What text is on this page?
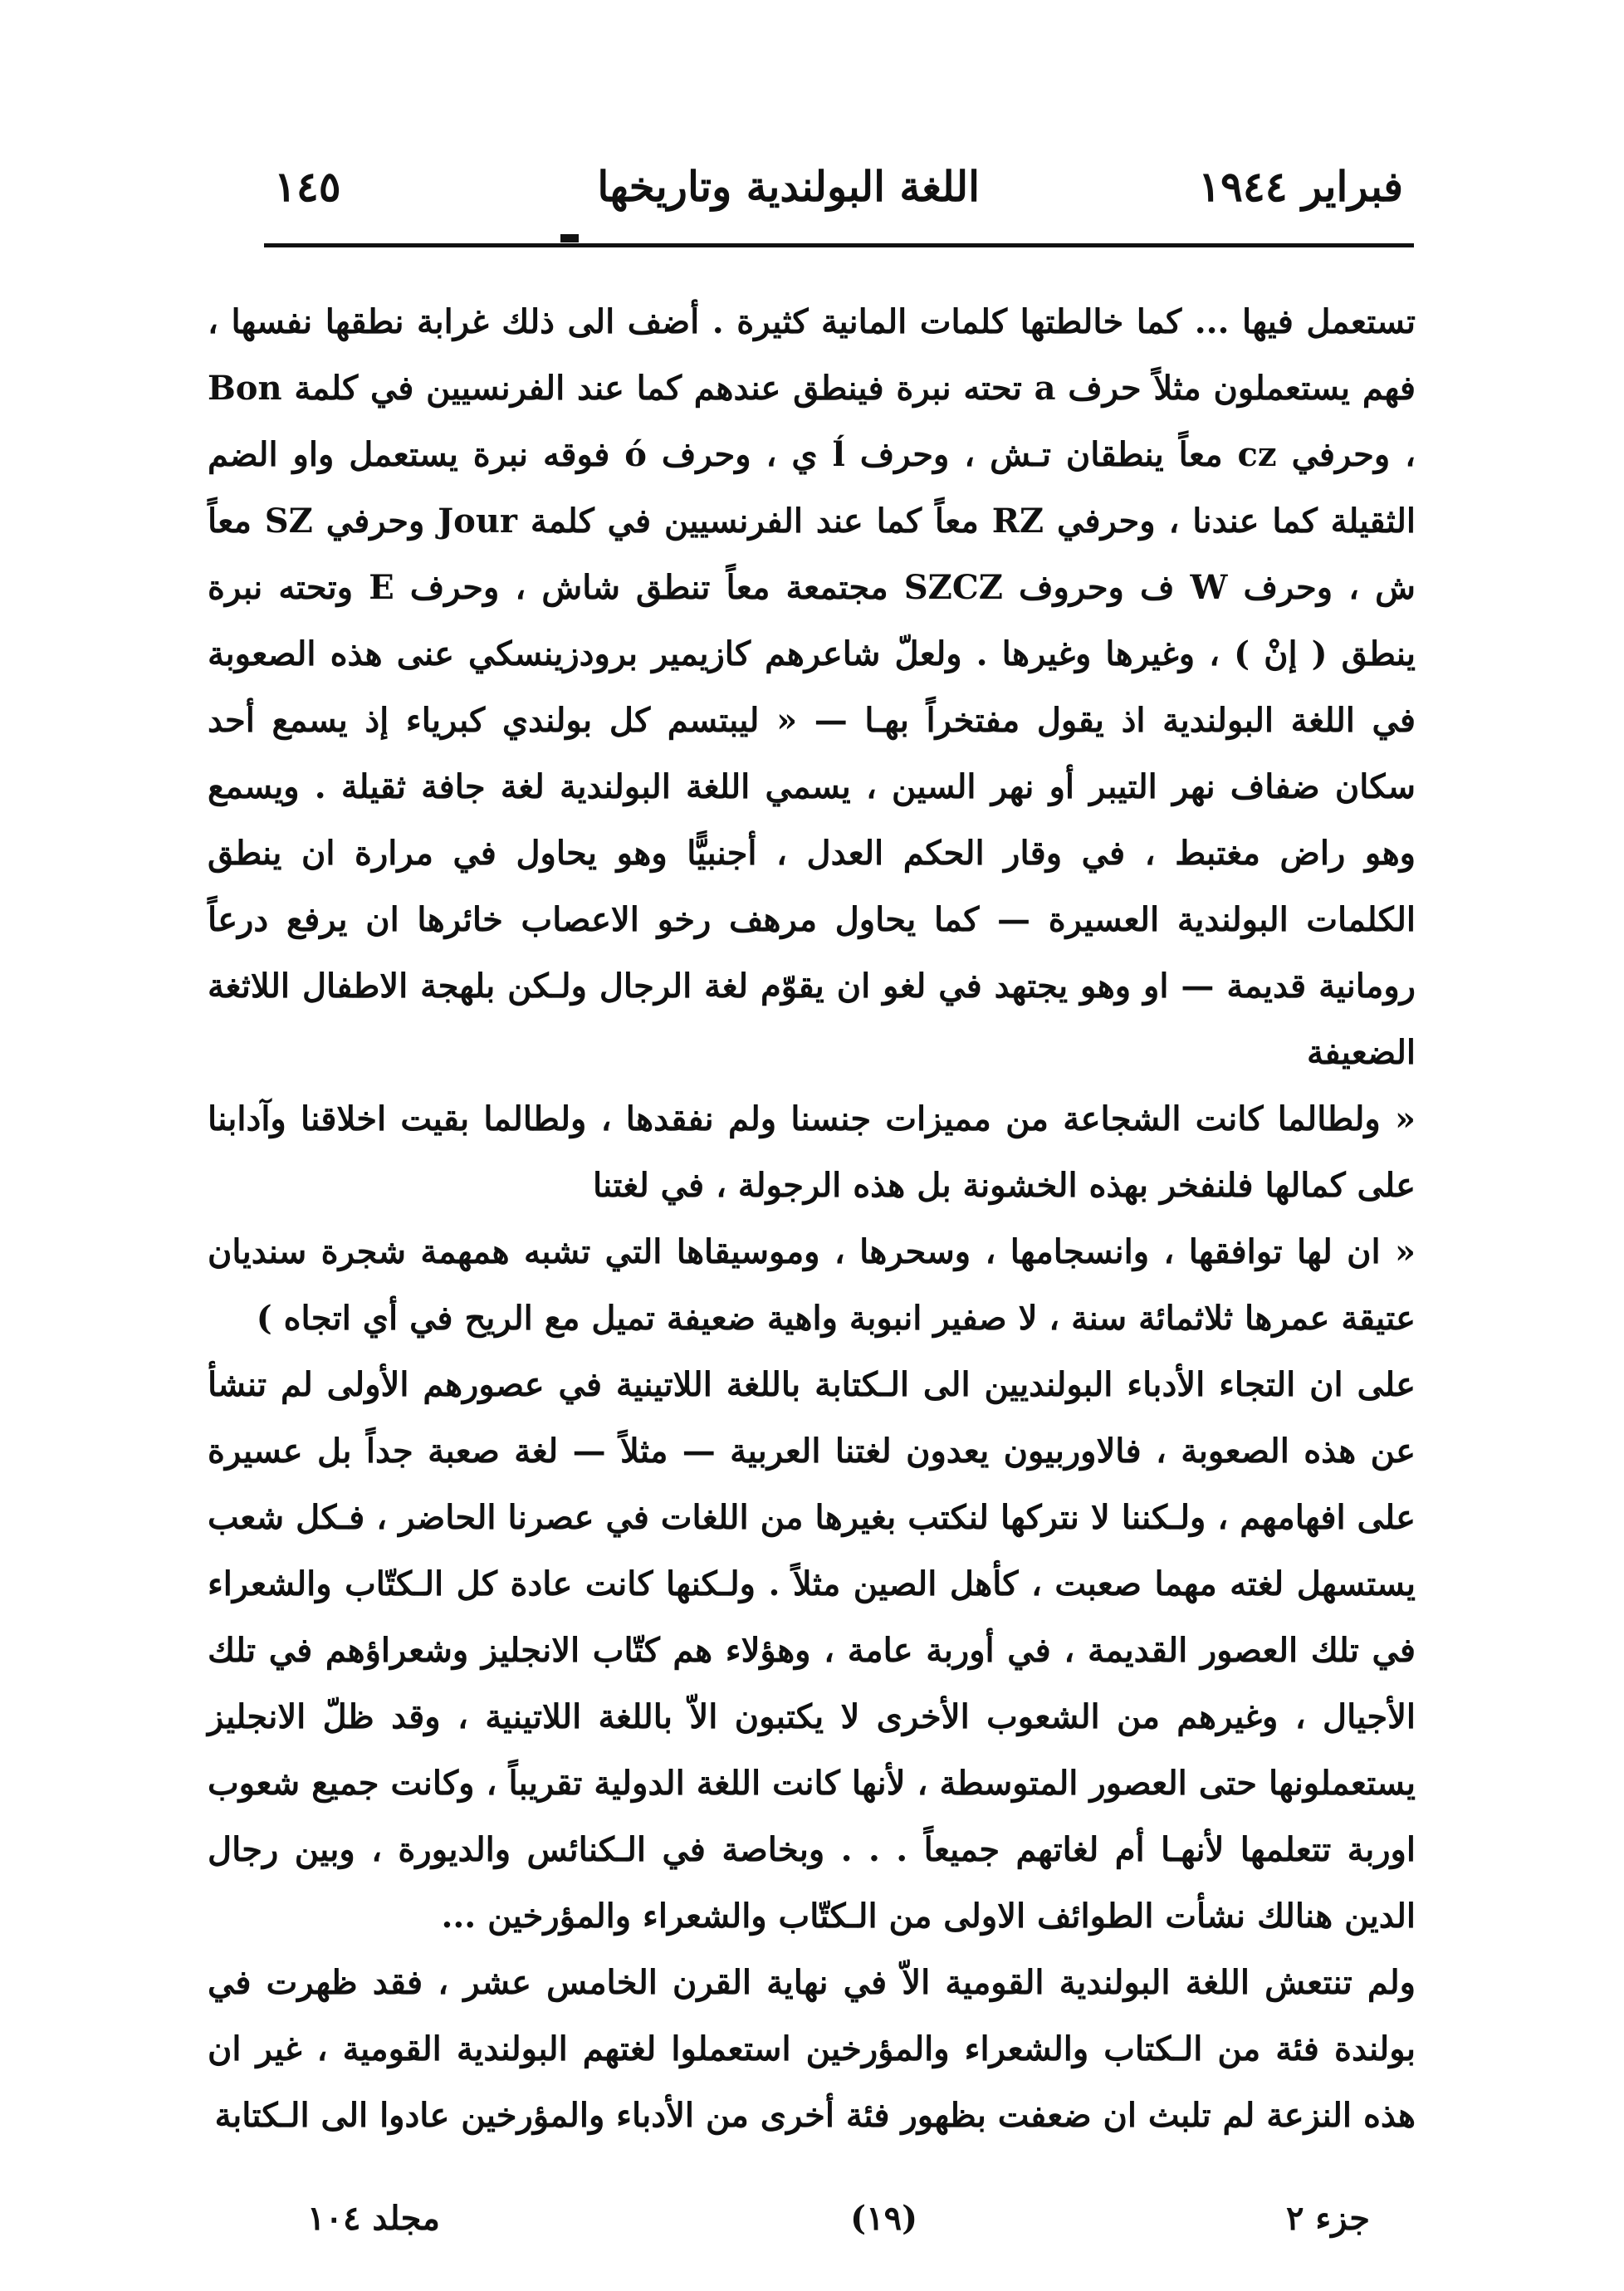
فبراير ١٩٤٤
اللغة البولندية وتاريخها
١٤٥

تستعمل فيها ... كما خالطتها كلمات المانية كثيرة . أضف الى ذلك غرابة نطقها نفسها ، فهم يستعملون مثلاً حرف a تحته نبرة فينطق عندهم كما عند الفرنسيين في كلمة Bon ، وحرفي cz معاً ينطقان تـش ، وحرف ĺ ي ، وحرف ó فوقه نبرة يستعمل واو الضم الثقيلة كما عندنا ، وحرفي RZ معاً كما عند الفرنسيين في كلمة Jour وحرفي SZ معاً ش ، وحرف W ف وحروف SZCZ مجتمعة معاً تنطق شاش ، وحرف E وتحته نبرة ينطق ( إنْ ) ، وغيرها وغيرها . ولعلّ شاعرهم كازيمير برودزينسكي عنى هذه الصعوبة في اللغة البولندية اذ يقول مفتخراً بهـا — « ليبتسم كل بولندي كبرياء إذ يسمع أحد سكان ضفاف نهر التيبر أو نهر السين ، يسمي اللغة البولندية لغة جافة ثقيلة . ويسمع وهو راض مغتبط ، في وقار الحكم العدل ، أجنبيًّا وهو يحاول في مرارة ان ينطق الكلمات البولندية العسيرة — كما يحاول مرهف رخو الاعصاب خائرها ان يرفع درعاً رومانية قديمة — او وهو يجتهد في لغو ان يقوّم لغة الرجال ولـكن بلهجة الاطفال اللاثغة الضعيفة

« ولطالما كانت الشجاعة من مميزات جنسنا ولم نفقدها ، ولطالما بقيت اخلاقنا وآدابنا على كمالها فلنفخر بهذه الخشونة بل هذه الرجولة ، في لغتنا

« ان لها توافقها ، وانسجامها ، وسحرها ، وموسيقاها التي تشبه همهمة شجرة سنديان عتيقة عمرها ثلاثمائة سنة ، لا صفير انبوبة واهية ضعيفة تميل مع الريح في أي اتجاه )

على ان التجاء الأدباء البولنديين الى الـكتابة باللغة اللاتينية في عصورهم الأولى لم تنشأ عن هذه الصعوبة ، فالاوربيون يعدون لغتنا العربية — مثلاً — لغة صعبة جداً بل عسيرة على افهامهم ، ولـكننا لا نتركها لنكتب بغيرها من اللغات في عصرنا الحاضر ، فـكل شعب يستسهل لغته مهما صعبت ، كأهل الصين مثلاً . ولـكنها كانت عادة كل الـكتّاب والشعراء في تلك العصور القديمة ، في أوربة عامة ، وهؤلاء هم كتّاب الانجليز وشعراؤهم في تلك الأجيال ، وغيرهم من الشعوب الأخرى لا يكتبون الاّ باللغة اللاتينية ، وقد ظلّ الانجليز يستعملونها حتى العصور المتوسطة ، لأنها كانت اللغة الدولية تقريباً ، وكانت جميع شعوب اوربة تتعلمها لأنهـا أم لغاتهم جميعاً . . . وبخاصة في الـكنائس والديورة ، وبين رجال الدين هنالك نشأت الطوائف الاولى من الـكتّاب والشعراء والمؤرخين ...

ولم تنتعش اللغة البولندية القومية الاّ في نهاية القرن الخامس عشر ، فقد ظهرت في بولندة فئة من الـكتاب والشعراء والمؤرخين استعملوا لغتهم البولندية القومية ، غير ان هذه النزعة لم تلبث ان ضعفت بظهور فئة أخرى من الأدباء والمؤرخين عادوا الى الـكتابة

جزء ٢
(١٩)
مجلد ١٠٤
